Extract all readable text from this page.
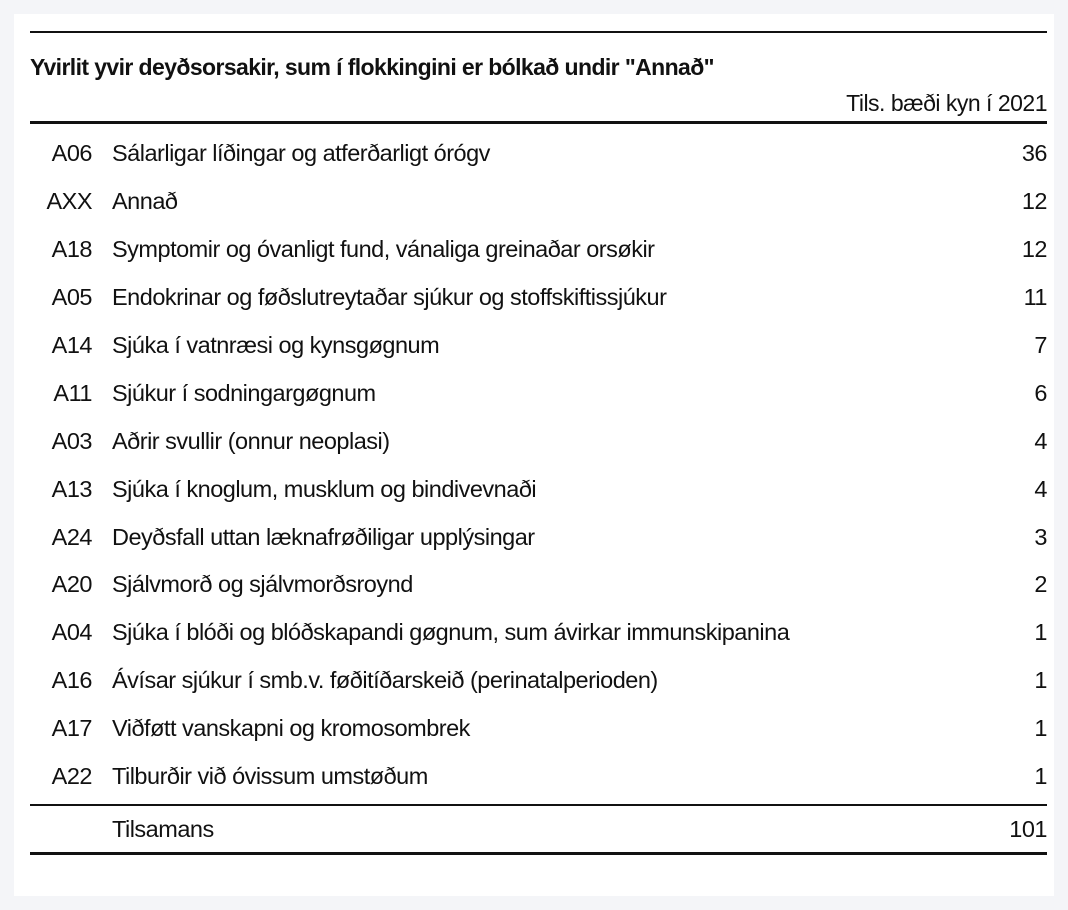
Yvirlit yvir deyðsorsakir, sum í flokkingini er bólkað undir "Annað"
Tils. bæði kyn í 2021
A06 Sálarligar líðingar og atferðarligt órógv	36
AXX Annað	12
A18 Symptomir og óvanligt fund, vánaliga greinaðar orsøkir	12
A05 Endokrinar og føðslutreytaðar sjúkur og stoffskiftissjúkur	11
A14 Sjúka í vatnræsi og kynsgøgnum	7
A11 Sjúkur í sodningargøgnum	6
A03 Aðrir svullir (onnur neoplasi)	4
A13 Sjúka í knoglum, musklum og bindivevnaði	4
A24 Deyðsfall uttan læknafrøðiligar upplýsingar	3
A20 Sjálvmorð og sjálvmorðsroynd	2
A04 Sjúka í blóði og blóðskapandi gøgnum, sum ávirkar immunskipanina	1
A16 Ávísar sjúkur í smb.v. føðitíðarskeið (perinatalperioden)	1
A17 Viðføtt vanskapni og kromosombrek	1
A22 Tilburðir við óvissum umstøðum	1
Tilsamans	101
